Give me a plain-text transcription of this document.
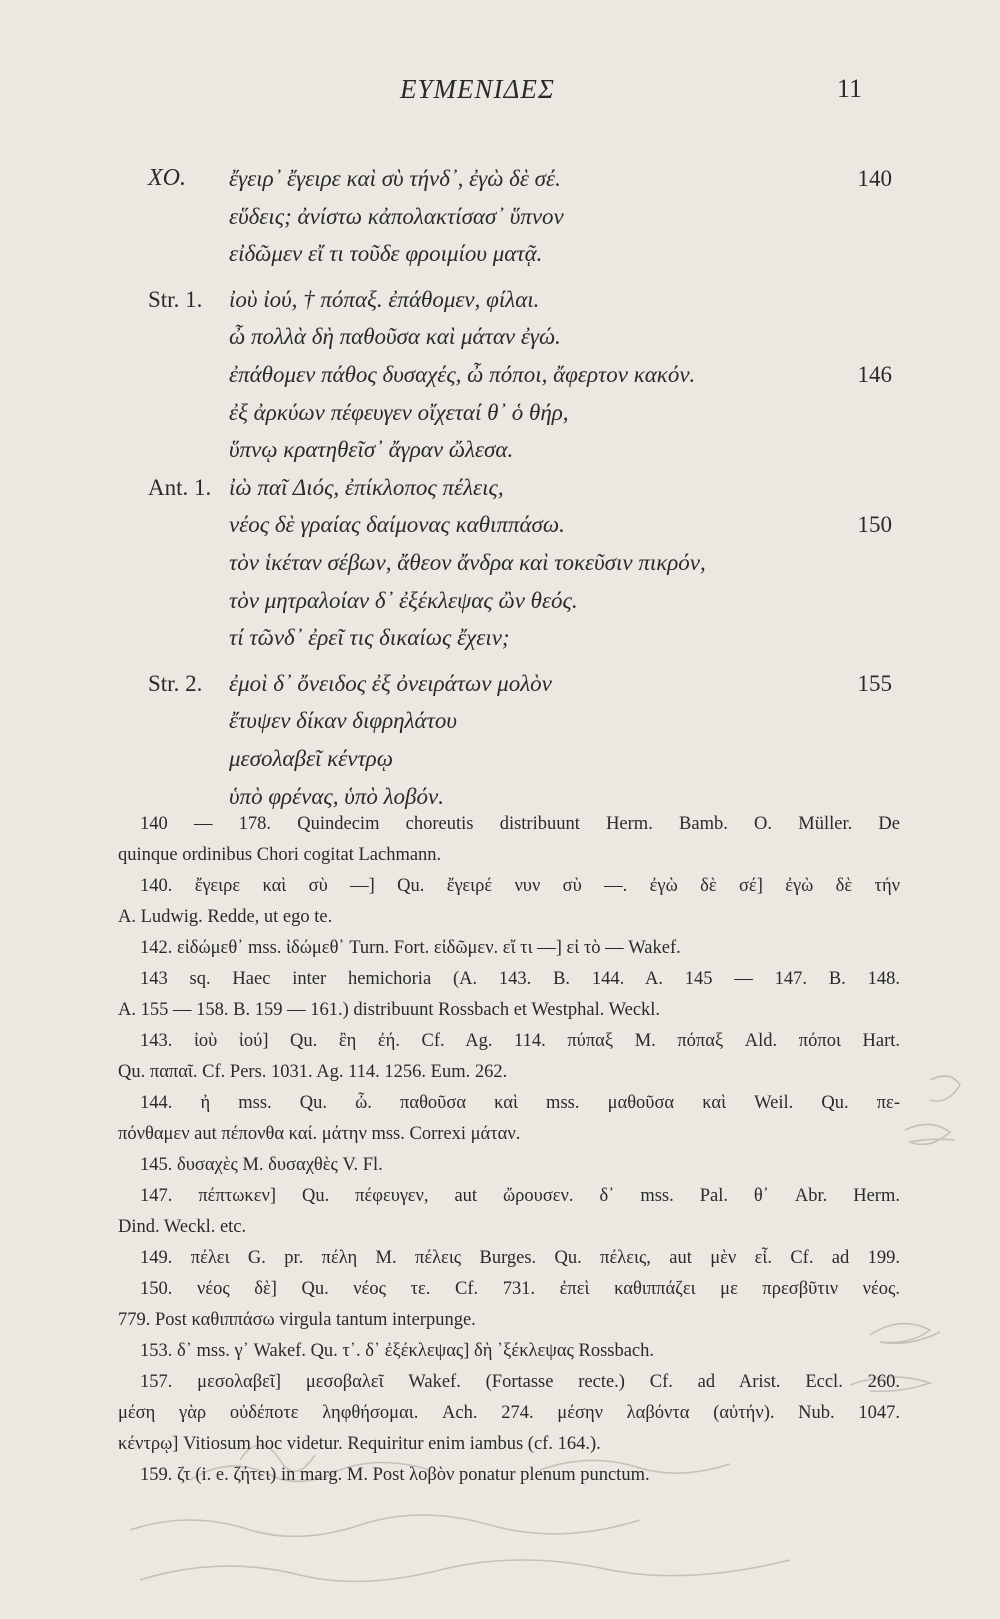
ΕΥΜΕΝΙΔΕΣ	11
ΧΟ.	ἔγειρ᾽ ἔγειρε καὶ σὺ τήνδ᾽, ἐγὼ δὲ σέ.	140
εὕδεις; ἀνίστω κἀπολακτίσασ᾽ ὕπνον
εἰδῶμεν εἴ τι τοῦδε φροιμίου ματᾷ.
Str. 1.	ἰοὺ ἰού, † πόπαξ. ἐπάθομεν, φίλαι.
ὦ πολλὰ δὴ παθοῦσα καὶ μάταν ἐγώ.
ἐπάθομεν πάθος δυσαχές, ὦ πόποι, ἄφερτον κακόν.	146
ἐξ ἀρκύων πέφευγεν οἴχεταί θ᾽ ὁ θήρ,
ὕπνῳ κρατηθεῖσ᾽ ἄγραν ὤλεσα.
Ant. 1. ἰὼ παῖ Διός, ἐπίκλοπος πέλεις,
νέος δὲ γραίας δαίμονας καθιππάσω.	150
τὸν ἱκέταν σέβων, ἄθεον ἄνδρα καὶ τοκεῦσιν πικρόν,
τὸν μητραλοίαν δ᾽ ἐξέκλεψας ὢν θεός.
τί τῶνδ᾽ ἐρεῖ τις δικαίως ἔχειν;
Str. 2.	ἐμοὶ δ᾽ ὄνειδος ἐξ ὀνειράτων μολὸν	155
ἔτυψεν δίκαν διφρηλάτου
μεσολαβεῖ κέντρῳ
ὑπὸ φρένας, ὑπὸ λοβόν.
140 — 178. Quindecim choreutis distribuunt Herm. Bamb. O. Müller. De
quinque ordinibus Chori cogitat Lachmann.
140. ἔγειρε καὶ σὺ —] Qu. ἔγειρέ νυν σὺ —. ἐγὼ δὲ σέ] ἐγὼ δὲ τήν
A. Ludwig. Redde, ut ego te.
142. εἰδώμεθ᾽ mss. ἰδώμεθ᾽ Turn. Fort. εἰδῶμεν. εἴ τι —] εἰ τὸ — Wakef.
143 sq. Haec inter hemichoria (A. 143. B. 144. A. 145 — 147. B. 148.
A. 155 — 158. B. 159 — 161.) distribuunt Rossbach et Westphal. Weckl.
143. ἰοὺ ἰού] Qu. ἒη ἐή. Cf. Ag. 114. πύπαξ M. πόπαξ Ald. πόποι Hart.
Qu. παπαῖ. Cf. Pers. 1031. Ag. 114. 1256. Eum. 262.
144. ἠ mss. Qu. ὦ. παθοῦσα καὶ mss. μαθοῦσα καὶ Weil. Qu. πε-
πόνθαμεν aut πέπονθα καί. μάτην mss. Correxi μάταν.
145. δυσαχὲς M. δυσαχθὲς V. Fl.
147. πέπτωκεν] Qu. πέφευγεν, aut ὤρουσεν. δ᾽ mss. Pal. θ᾽ Abr. Herm.
Dind. Weckl. etc.
149. πέλει G. pr. πέλη M. πέλεις Burges. Qu. πέλεις, aut μὲν εἶ. Cf. ad 199.
150. νέος δὲ] Qu. νέος τε. Cf. 731. ἐπεὶ καθιππάζει με πρεσβῦτιν νέος.
779. Post καθιππάσω virgula tantum interpunge.
153. δ᾽ mss. γ᾽ Wakef. Qu. τ᾽. δ᾽ ἐξέκλεψας] δὴ ᾽ξέκλεψας Rossbach.
157. μεσολαβεῖ] μεσοβαλεῖ Wakef. (Fortasse recte.) Cf. ad Arist. Eccl. 260.
μέση γὰρ οὐδέποτε ληφθήσομαι. Ach. 274. μέσην λαβόντα (αὐτήν). Nub. 1047.
κέντρῳ] Vitiosum hoc videtur. Requiritur enim iambus (cf. 164.).
159. ζτ (i. e. ζήτει) in marg. M. Post λοβὸν ponatur plenum punctum.
